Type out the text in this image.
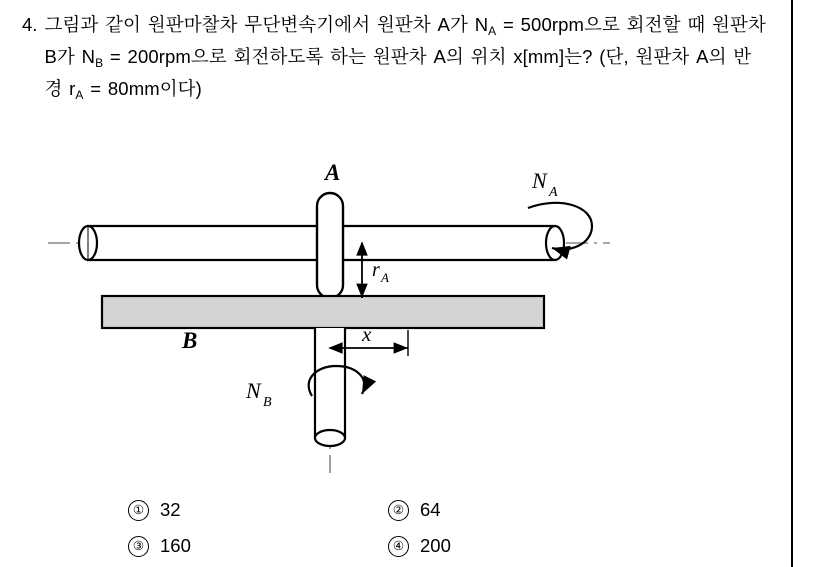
4. 그림과 같이 원판마찰차 무단변속기에서 원판차 A가 $N_A = 500rpm$으로 회전할 때 원판차 B가 $N_B = 200rpm$으로 회전하도록 하는 원판차 A의 위치 x[mm]는? (단, 원판차 A의 반경 $r_A = 80mm$이다)
A
B
N A
N B
r A
x
① 32	② 64
③ 160	④ 200
